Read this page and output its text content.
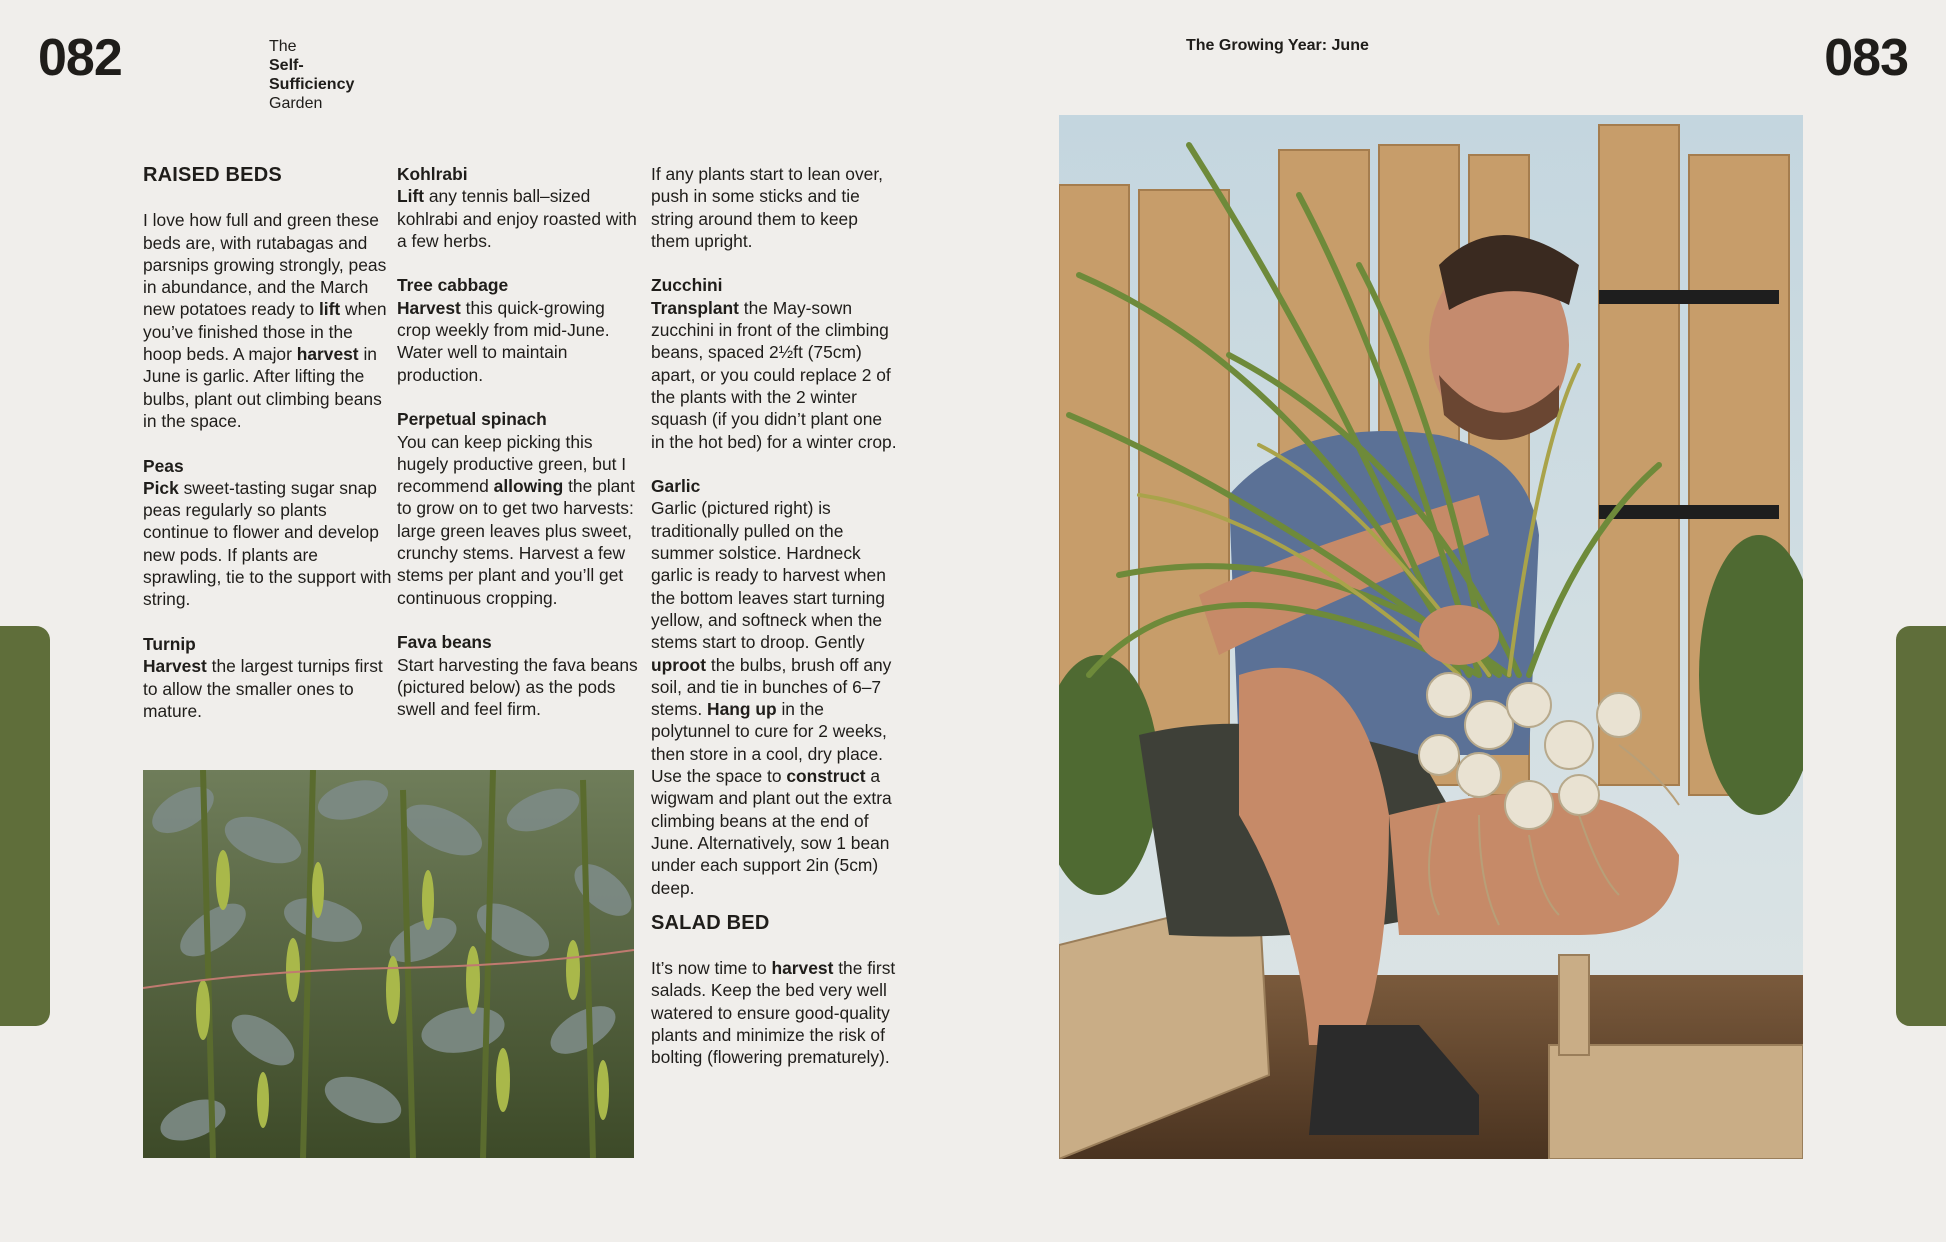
082	083
The
Self-
Sufficiency
Garden
The Growing Year: June
RAISED BEDS

I love how full and green these beds are, with rutabagas and parsnips growing strongly, peas in abundance, and the March new potatoes ready to lift when you’ve finished those in the hoop beds. A major harvest in June is garlic. After lifting the bulbs, plant out climbing beans in the space.

Peas

Pick sweet-tasting sugar snap peas regularly so plants continue to flower and develop new pods. If plants are sprawling, tie to the support with string.

Turnip

Harvest the largest turnips first to allow the smaller ones to mature.

Kohlrabi

Lift any tennis ball–sized kohlrabi and enjoy roasted with a few herbs.

Tree cabbage

Harvest this quick-growing crop weekly from mid-June. Water well to maintain production.

Perpetual spinach

You can keep picking this hugely productive green, but I recommend allowing the plant to grow on to get two harvests: large green leaves plus sweet, crunchy stems. Harvest a few stems per plant and you’ll get continuous cropping.

Fava beans

Start harvesting the fava beans (pictured below) as the pods swell and feel firm.

If any plants start to lean over, push in some sticks and tie string around them to keep them upright.

Zucchini

Transplant the May-sown zucchini in front of the climbing beans, spaced 2½ft (75cm) apart, or you could replace 2 of the plants with the 2 winter squash (if you didn’t plant one in the hot bed) for a winter crop.

Garlic

Garlic (pictured right) is traditionally pulled on the summer solstice. Hardneck garlic is ready to harvest when the bottom leaves start turning yellow, and softneck when the stems start to droop. Gently uproot the bulbs, brush off any soil, and tie in bunches of 6–7 stems. Hang up in the polytunnel to cure for 2 weeks, then store in a cool, dry place. Use the space to construct a wigwam and plant out the extra climbing beans at the end of June. Alternatively, sow 1 bean under each support 2in (5cm) deep.

SALAD BED

It’s now time to harvest the first salads. Keep the bed very well watered to ensure good-quality plants and minimize the risk of bolting (flowering prematurely).
